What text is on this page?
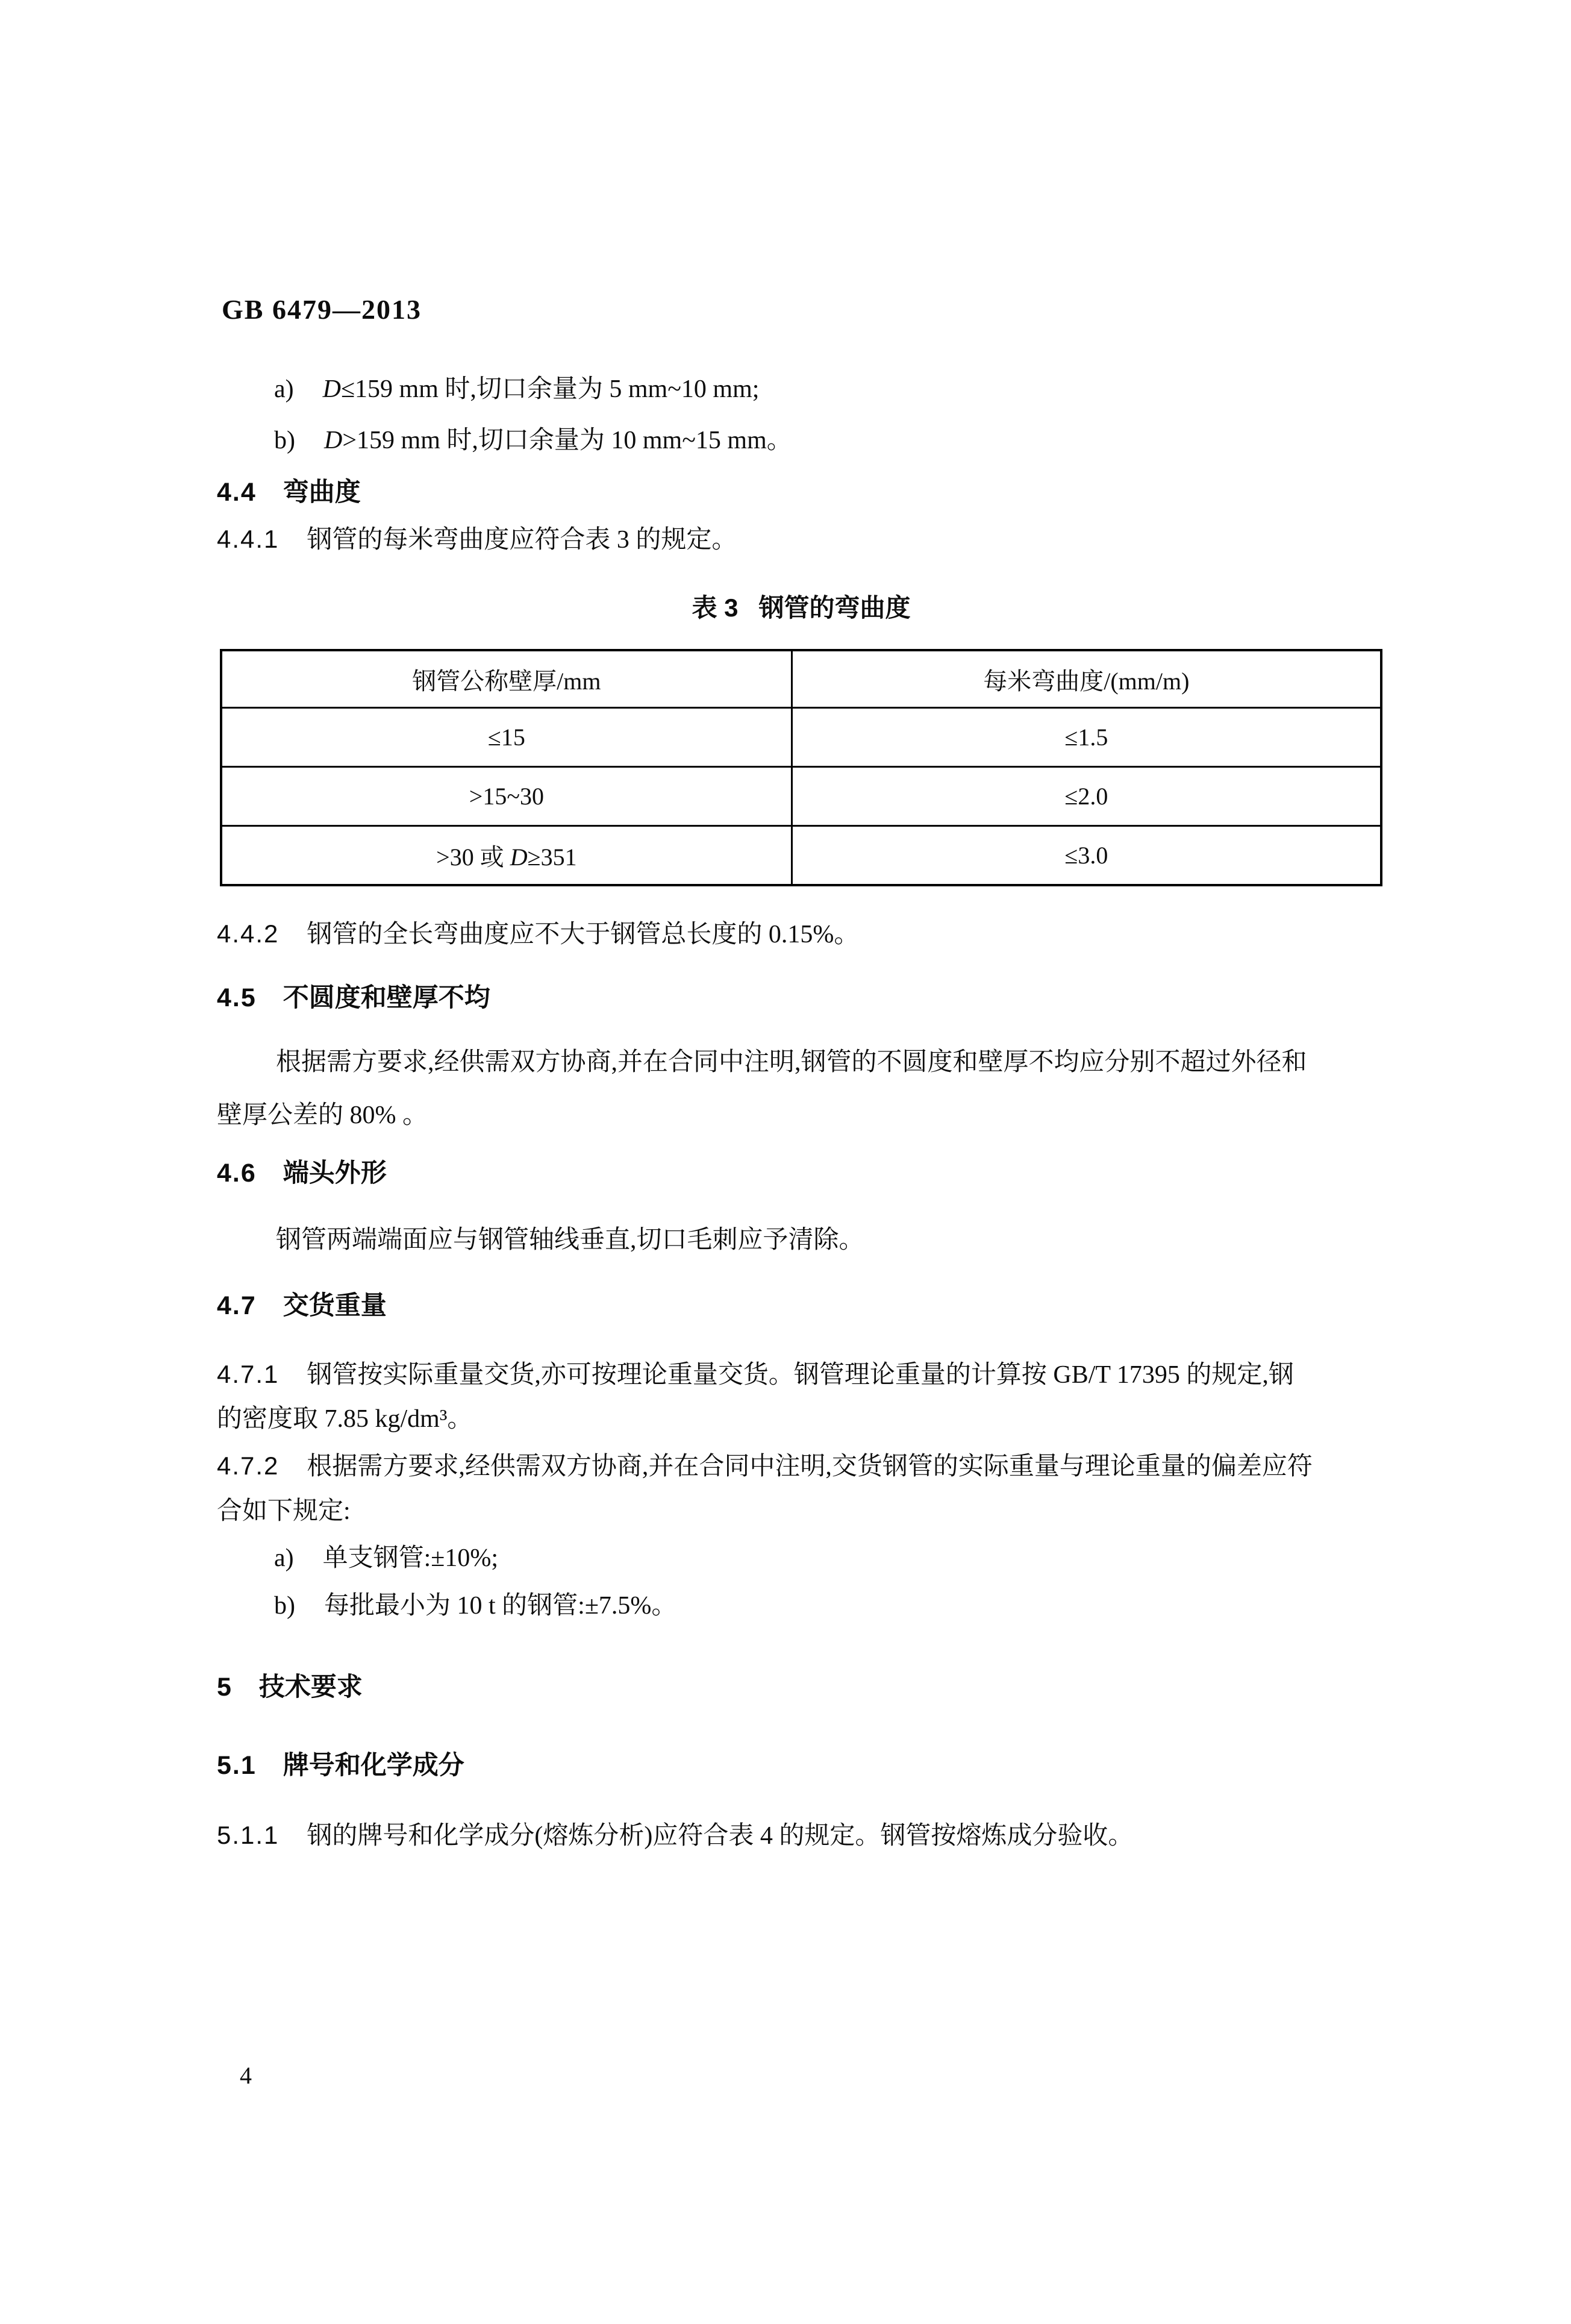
GB 6479—2013
a) D≤159 mm 时,切口余量为 5 mm~10 mm;
b) D>159 mm 时,切口余量为 10 mm~15 mm。
4.4 弯曲度
4.4.1 钢管的每米弯曲度应符合表 3 的规定。
表 3 钢管的弯曲度
钢管公称壁厚/mm	每米弯曲度/(mm/m)
≤15	≤1.5
>15~30	≤2.0
>30 或 D≥351	≤3.0
4.4.2 钢管的全长弯曲度应不大于钢管总长度的 0.15%。
4.5 不圆度和壁厚不均
根据需方要求,经供需双方协商,并在合同中注明,钢管的不圆度和壁厚不均应分别不超过外径和
壁厚公差的 80% 。
4.6 端头外形
钢管两端端面应与钢管轴线垂直,切口毛刺应予清除。
4.7 交货重量
4.7.1 钢管按实际重量交货,亦可按理论重量交货。钢管理论重量的计算按 GB/T 17395 的规定,钢
的密度取 7.85 kg/dm³。
4.7.2 根据需方要求,经供需双方协商,并在合同中注明,交货钢管的实际重量与理论重量的偏差应符
合如下规定:
a) 单支钢管:±10%;
b) 每批最小为 10 t 的钢管:±7.5%。
5 技术要求
5.1 牌号和化学成分
5.1.1 钢的牌号和化学成分(熔炼分析)应符合表 4 的规定。钢管按熔炼成分验收。
4
